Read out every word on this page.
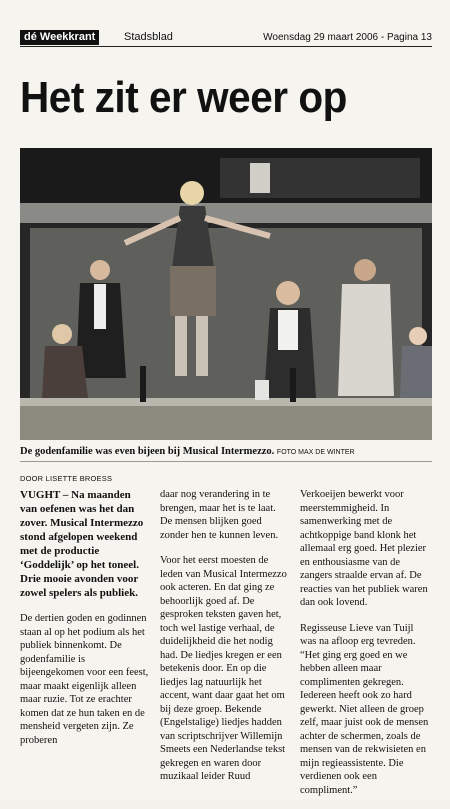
dé Weekkrant	Stadsblad	Woensdag 29 maart 2006 - Pagina 13
Het zit er weer op
De godenfamilie was even bijeen bij Musical Intermezzo. FOTO MAX DE WINTER
DOOR LISETTE BROESS

VUGHT – Na maanden van oefenen was het dan zover. Musical Intermezzo stond afgelopen weekend met de productie ‘Goddelijk’ op het toneel. Drie mooie avonden voor zowel spelers als publiek.

De dertien goden en godinnen staan al op het podium als het publiek binnenkomt. De godenfamilie is bijeengekomen voor een feest, maar maakt eigenlijk alleen maar ruzie. Tot ze erachter komen dat ze hun taken en de mensheid vergeten zijn. Ze proberen

daar nog verandering in te brengen, maar het is te laat. De mensen blijken goed zonder hen te kunnen leven.

Voor het eerst moesten de leden van Musical Intermezzo ook acteren. En dat ging ze behoorlijk goed af. De gesproken teksten gaven het, toch wel lastige verhaal, de duidelijkheid die het nodig had. De liedjes kregen er een betekenis door. En op die liedjes lag natuurlijk het accent, want daar gaat het om bij deze groep. Bekende (Engelstalige) liedjes hadden van scriptschrijver Willemijn Smeets een Nederlandse tekst gekregen en waren door muzikaal leider Ruud

Verkoeijen bewerkt voor meerstemmigheid. In samenwerking met de achtkoppige band klonk het allemaal erg goed. Het plezier en enthousiasme van de zangers straalde ervan af. De reacties van het publiek waren dan ook lovend.

Regisseuse Lieve van Tuijl was na afloop erg tevreden. “Het ging erg goed en we hebben alleen maar complimenten gekregen. Iedereen heeft ook zo hard gewerkt. Niet alleen de groep zelf, maar juist ook de mensen achter de schermen, zoals de mensen van de rekwisieten en mijn regieassistente. Die verdienen ook een compliment.”
